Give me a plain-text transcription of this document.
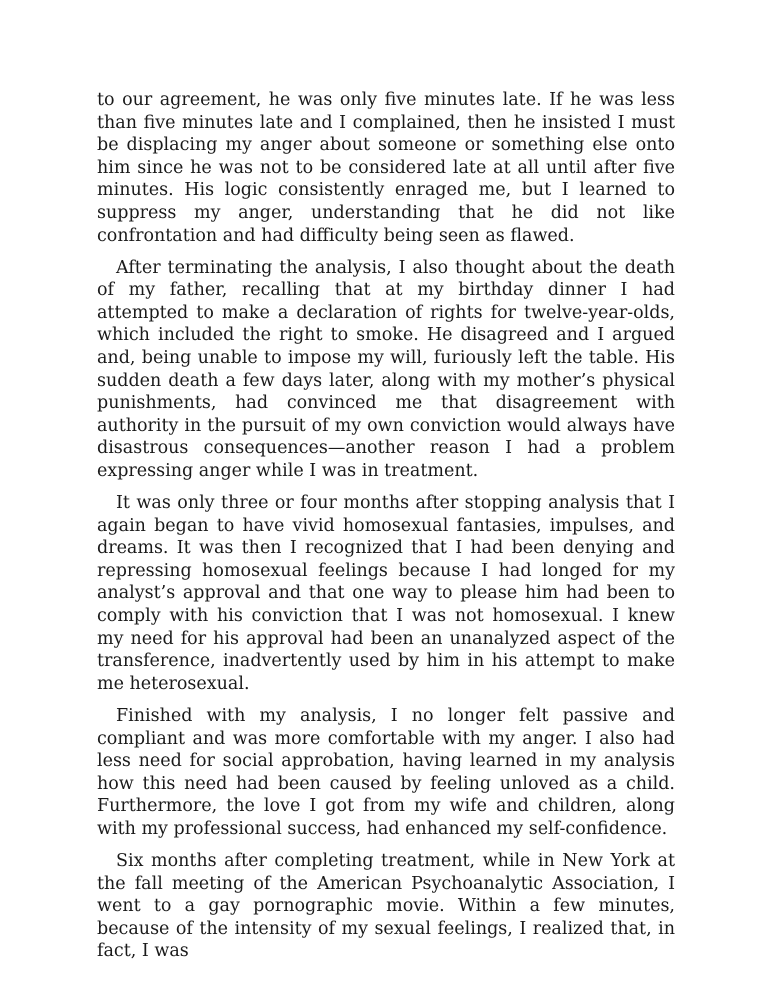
to our agreement, he was only five minutes late. If he was less than five minutes late and I complained, then he insisted I must be displacing my anger about someone or something else onto him since he was not to be considered late at all until after five minutes. His logic consistently enraged me, but I learned to suppress my anger, understanding that he did not like confrontation and had difficulty being seen as flawed.

After terminating the analysis, I also thought about the death of my father, recalling that at my birthday dinner I had attempted to make a declaration of rights for twelve-year-olds, which included the right to smoke. He disagreed and I argued and, being unable to impose my will, furiously left the table. His sudden death a few days later, along with my mother’s physical punishments, had convinced me that disagreement with authority in the pursuit of my own conviction would always have disastrous consequences—another reason I had a problem expressing anger while I was in treatment.

It was only three or four months after stopping analysis that I again began to have vivid homosexual fantasies, impulses, and dreams. It was then I recognized that I had been denying and repressing homosexual feelings because I had longed for my analyst’s approval and that one way to please him had been to comply with his conviction that I was not homosexual. I knew my need for his approval had been an unanalyzed aspect of the transference, inadvertently used by him in his attempt to make me heterosexual.

Finished with my analysis, I no longer felt passive and compliant and was more comfortable with my anger. I also had less need for social approbation, having learned in my analysis how this need had been caused by feeling unloved as a child. Furthermore, the love I got from my wife and children, along with my professional success, had enhanced my self-confidence.

Six months after completing treatment, while in New York at the fall meeting of the American Psychoanalytic Association, I went to a gay pornographic movie. Within a few minutes, because of the intensity of my sexual feelings, I realized that, in fact, I was
